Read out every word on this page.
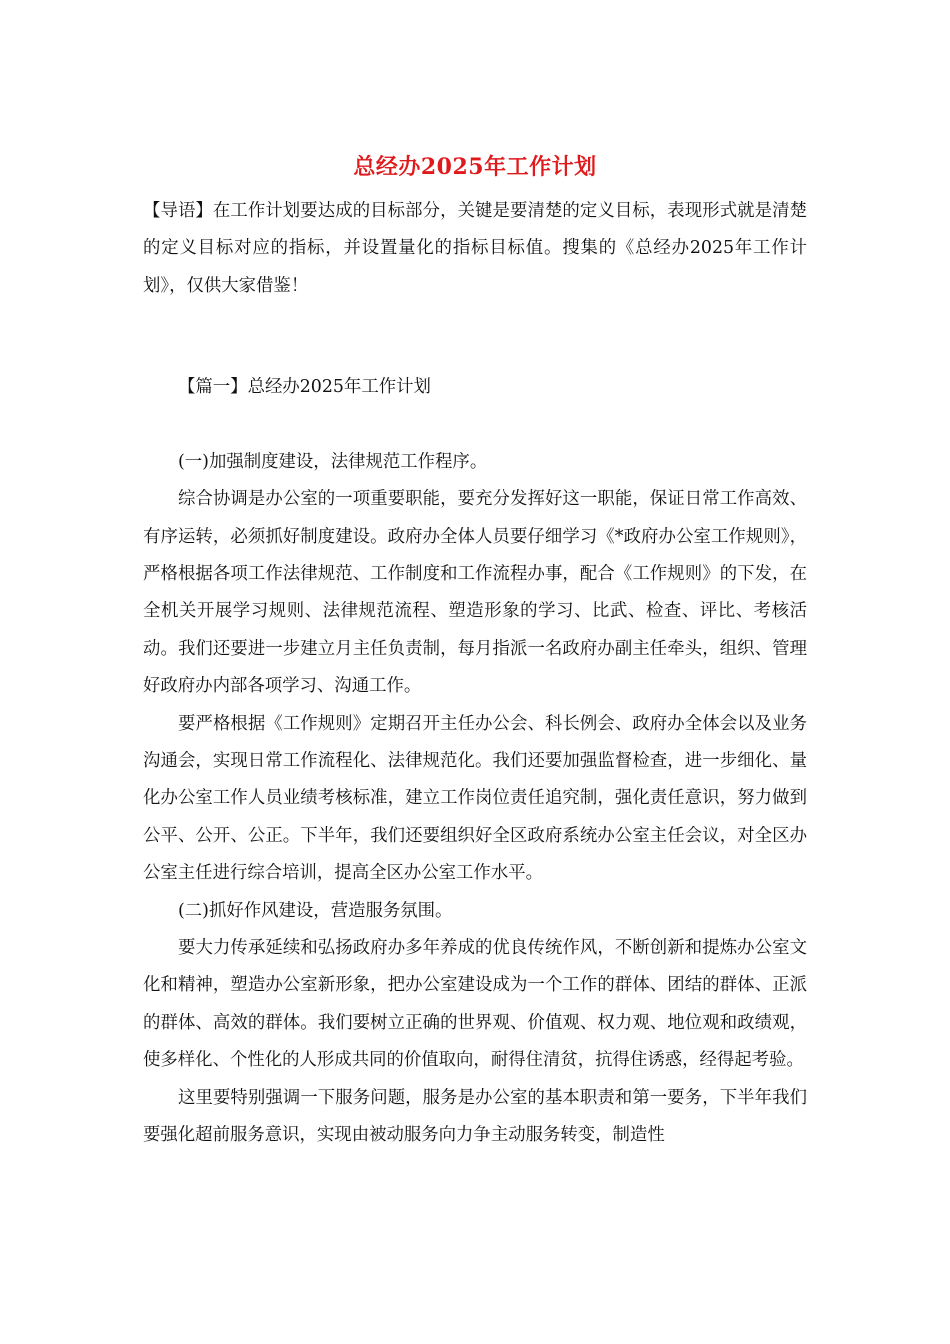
总经办2025年工作计划
【导语】在工作计划要达成的目标部分，关键是要清楚的定义目标，表现形式就是清楚的定义目标对应的指标，并设置量化的指标目标值。搜集的《总经办2025年工作计划》，仅供大家借鉴！

【篇一】总经办2025年工作计划

(一)加强制度建设，法律规范工作程序。

综合协调是办公室的一项重要职能，要充分发挥好这一职能，保证日常工作高效、有序运转，必须抓好制度建设。政府办全体人员要仔细学习《*政府办公室工作规则》，严格根据各项工作法律规范、工作制度和工作流程办事，配合《工作规则》的下发，在全机关开展学习规则、法律规范流程、塑造形象的学习、比武、检查、评比、考核活动。我们还要进一步建立月主任负责制，每月指派一名政府办副主任牵头，组织、管理好政府办内部各项学习、沟通工作。

要严格根据《工作规则》定期召开主任办公会、科长例会、政府办全体会以及业务沟通会，实现日常工作流程化、法律规范化。我们还要加强监督检查，进一步细化、量化办公室工作人员业绩考核标准，建立工作岗位责任追究制，强化责任意识，努力做到公平、公开、公正。下半年，我们还要组织好全区政府系统办公室主任会议，对全区办公室主任进行综合培训，提高全区办公室工作水平。

(二)抓好作风建设，营造服务氛围。

要大力传承延续和弘扬政府办多年养成的优良传统作风，不断创新和提炼办公室文化和精神，塑造办公室新形象，把办公室建设成为一个工作的群体、团结的群体、正派的群体、高效的群体。我们要树立正确的世界观、价值观、权力观、地位观和政绩观，使多样化、个性化的人形成共同的价值取向，耐得住清贫，抗得住诱惑，经得起考验。

这里要特别强调一下服务问题，服务是办公室的基本职责和第一要务，下半年我们要强化超前服务意识，实现由被动服务向力争主动服务转变，制造性
